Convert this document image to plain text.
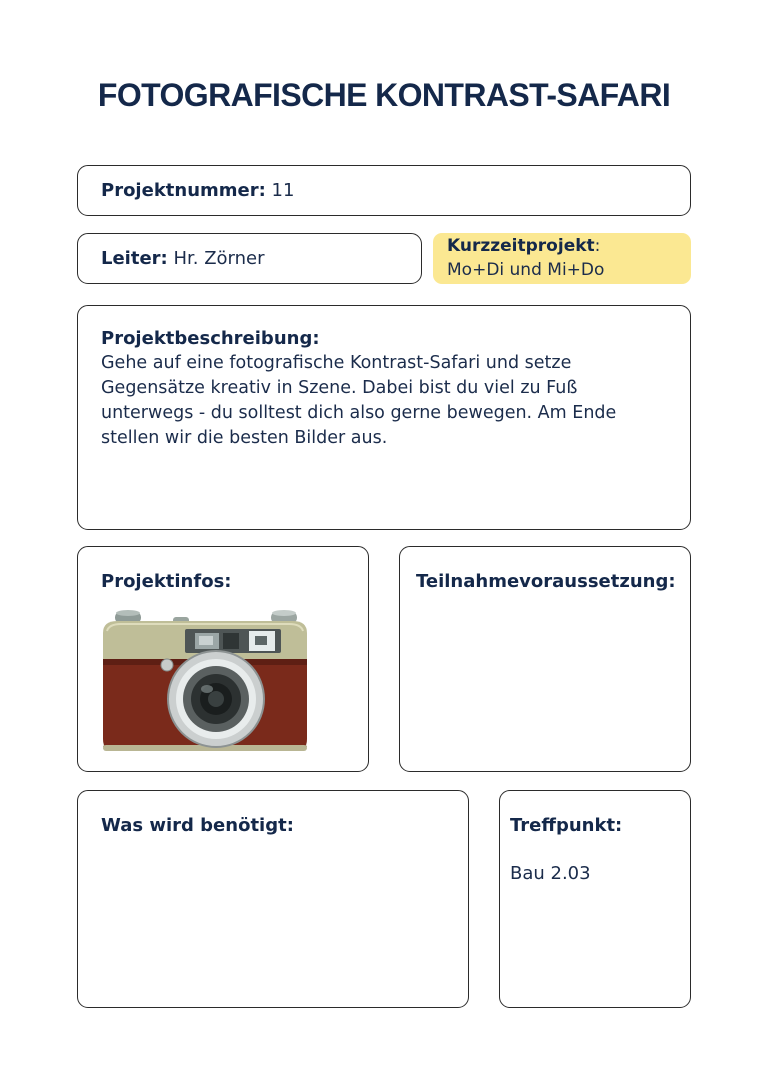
FOTOGRAFISCHE KONTRAST-SAFARI
Projektnummer: 11
Leiter: Hr. Zörner
Kurzzeitprojekt:
Mo+Di und Mi+Do
Projektbeschreibung:
Gehe auf eine fotografische Kontrast-Safari und setze Gegensätze kreativ in Szene. Dabei bist du viel zu Fuß unterwegs - du solltest dich also gerne bewegen. Am Ende stellen wir die besten Bilder aus.
Projektinfos:	Teilnahmevoraussetzung:
Was wird benötigt:	Treffpunkt:
Bau 2.03
